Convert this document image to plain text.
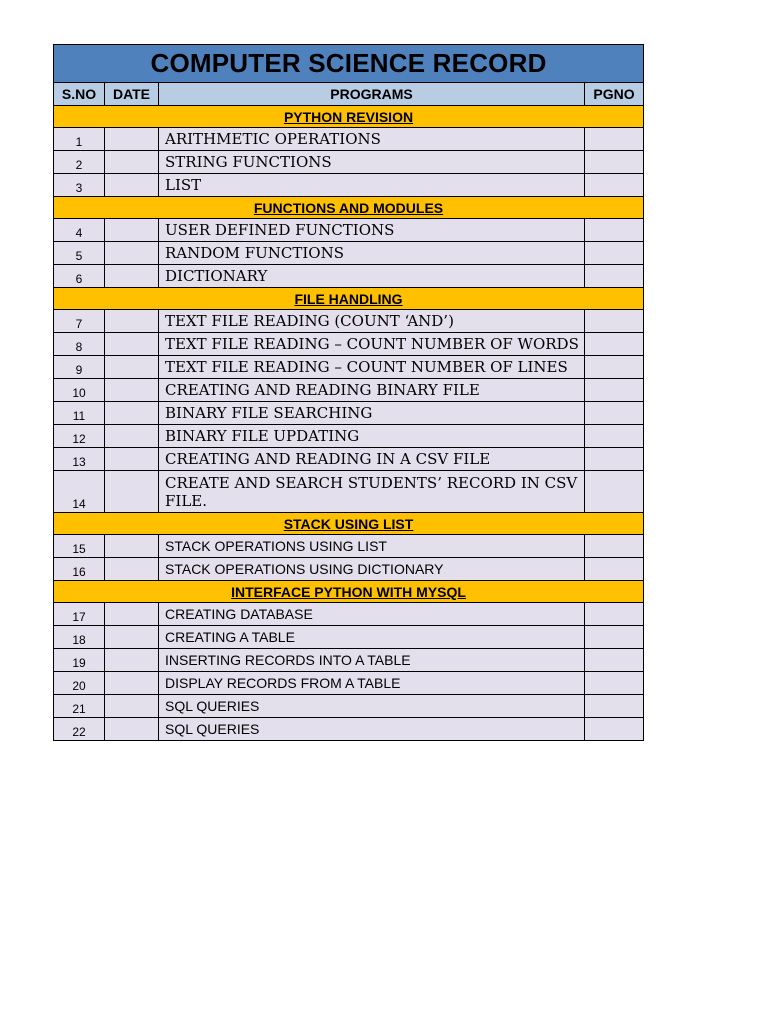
COMPUTER SCIENCE RECORD			
S.NO	DATE	PROGRAMS	PGNO
PYTHON REVISION			
1		ARITHMETIC OPERATIONS	
2		STRING FUNCTIONS	
3		LIST	
FUNCTIONS AND MODULES			
4		USER DEFINED FUNCTIONS	
5		RANDOM FUNCTIONS	
6		DICTIONARY	
FILE HANDLING			
7		TEXT FILE READING (COUNT ‘AND’)	
8		TEXT FILE READING – COUNT NUMBER OF WORDS	
9		TEXT FILE READING – COUNT NUMBER OF LINES	
10		CREATING AND READING BINARY FILE	
11		BINARY FILE SEARCHING	
12		BINARY FILE UPDATING	
13		CREATING AND READING IN A CSV FILE	
14		CREATE AND SEARCH STUDENTS’ RECORD IN CSV FILE.	
STACK USING LIST			
15		STACK OPERATIONS USING LIST	
16		STACK OPERATIONS USING DICTIONARY	
INTERFACE PYTHON WITH MYSQL			
17		CREATING DATABASE	
18		CREATING A TABLE	
19		INSERTING RECORDS INTO A TABLE	
20		DISPLAY RECORDS FROM A TABLE	
21		SQL QUERIES	
22		SQL QUERIES	
